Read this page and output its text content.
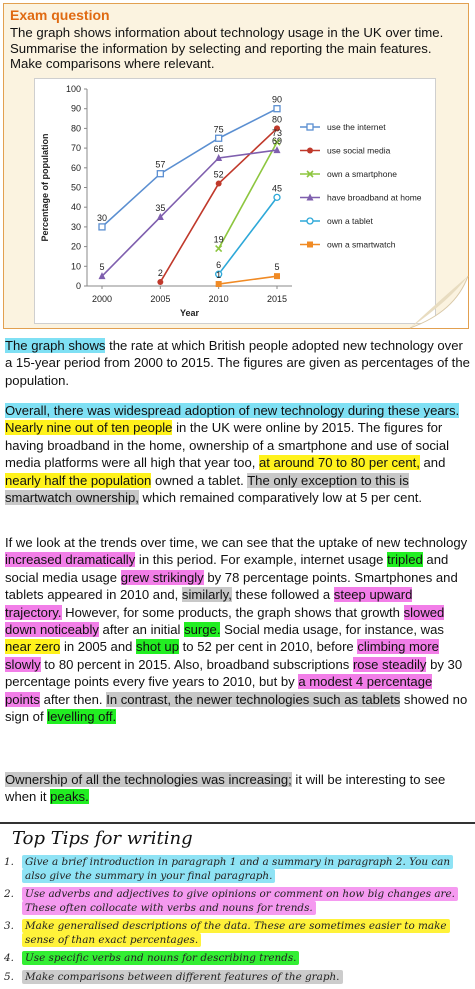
Exam question
The graph shows information about technology usage in the UK over time. Summarise the information by selecting and reporting the main features. Make comparisons where relevant.
0
10
20
30
40
50
60
70
80
90
100
2000	2005	2010	2015
Year
Percentage of population	30
57
75
90
use the internet
2
52
80
use social media
19
73
own a smartphone
5
35
65
69
have broadband at home
6
45
own a tablet
1
5
own a smartwatch
The graph shows the rate at which British people adopted new technology over a 15-year period from 2000 to 2015. The figures are given as percentages of the population.
Overall, there was widespread adoption of new technology during these years. Nearly nine out of ten people in the UK were online by 2015. The figures for having broadband in the home, ownership of a smartphone and use of social media platforms were all high that year too, at around 70 to 80 per cent, and nearly half the population owned a tablet. The only exception to this is smartwatch ownership, which remained comparatively low at 5 per cent.
If we look at the trends over time, we can see that the uptake of new technology increased dramatically in this period. For example, internet usage tripled and social media usage grew strikingly by 78 percentage points. Smartphones and tablets appeared in 2010 and, similarly, these followed a steep upward trajectory. However, for some products, the graph shows that growth slowed down noticeably after an initial surge. Social media usage, for instance, was near zero in 2005 and shot up to 52 per cent in 2010, before climbing more slowly to 80 percent in 2015. Also, broadband subscriptions rose steadily by 30 percentage points every five years to 2010, but by a modest 4 percentage points after then. In contrast, the newer technologies such as tablets showed no sign of levelling off.
Ownership of all the technologies was increasing; it will be interesting to see when it peaks.
Top Tips for writing
1. Give a brief introduction in paragraph 1 and a summary in paragraph 2. You can also give the summary in your final paragraph.
2. Use adverbs and adjectives to give opinions or comment on how big changes are. These often collocate with verbs and nouns for trends.
3. Make generalised descriptions of the data. These are sometimes easier to make sense of than exact percentages.
4. Use specific verbs and nouns for describing trends.
5. Make comparisons between different features of the graph.
